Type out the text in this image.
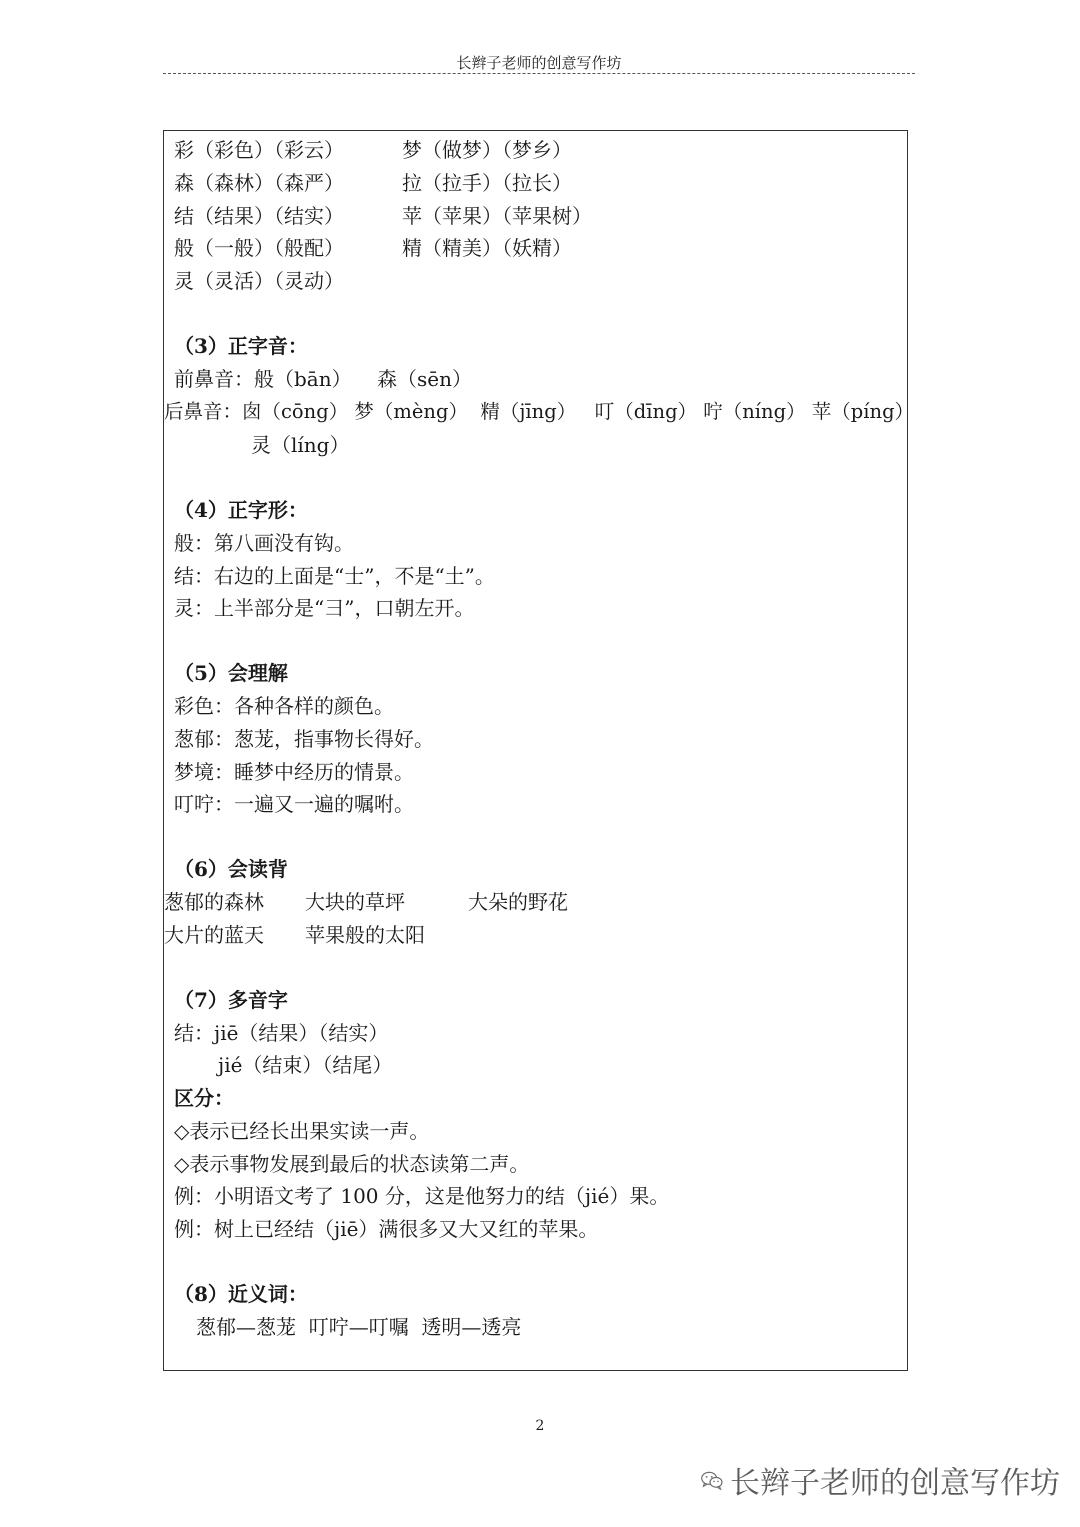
长辫子老师的创意写作坊
彩（彩色）（彩云）	梦（做梦）（梦乡）
森（森林）（森严）	拉（拉手）（拉长）
结（结果）（结实）	苹（苹果）（苹果树）
般（一般）（般配）	精（精美）（妖精）
灵（灵活）（灵动）
（3）正字音：
前鼻音：般（bān）    森（sēn）
后鼻音：囱（cōng） 梦（mèng）  精（jīng）   叮（dīng） 咛（níng） 苹（píng）
灵（líng）
（4）正字形：
般：第八画没有钩。
结：右边的上面是“士”，不是“土”。
灵：上半部分是“彐”，口朝左开。
（5）会理解
彩色：各种各样的颜色。
葱郁：葱茏，指事物长得好。
梦境：睡梦中经历的情景。
叮咛：一遍又一遍的嘱咐。
（6）会读背
葱郁的森林 大块的草坪	大朵的野花
大片的蓝天 苹果般的太阳
（7）多音字
结：jiē（结果）（结实）
jié（结束）（结尾）
区分：
◇表示已经长出果实读一声。
◇表示事物发展到最后的状态读第二声。
例：小明语文考了 100 分，这是他努力的结（jié）果。
例：树上已经结（jiē）满很多又大又红的苹果。
（8）近义词：
葱郁—葱茏  叮咛—叮嘱  透明—透亮
2
长辫子老师的创意写作坊
